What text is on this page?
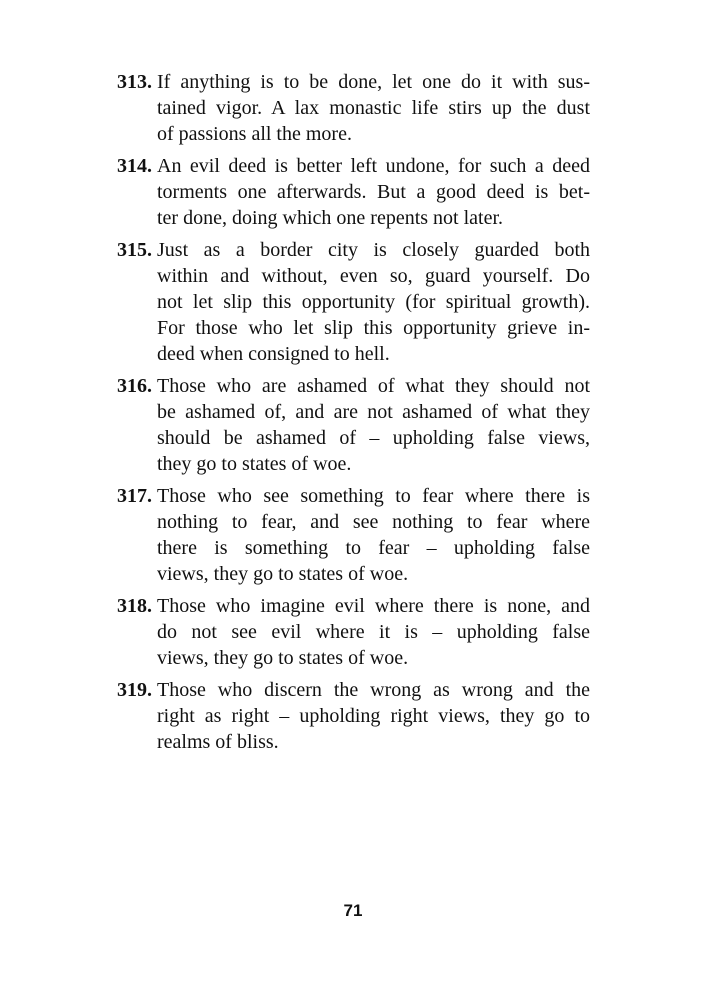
313. If anything is to be done, let one do it with sus-
tained vigor. A lax monastic life stirs up the dust
of passions all the more.
314. An evil deed is better left undone, for such a deed
torments one afterwards. But a good deed is bet-
ter done, doing which one repents not later.
315. Just as a border city is closely guarded both
within and without, even so, guard yourself. Do
not let slip this opportunity (for spiritual growth).
For those who let slip this opportunity grieve in-
deed when consigned to hell.
316. Those who are ashamed of what they should not
be ashamed of, and are not ashamed of what they
should be ashamed of – upholding false views,
they go to states of woe.
317. Those who see something to fear where there is
nothing to fear, and see nothing to fear where
there is something to fear – upholding false
views, they go to states of woe.
318. Those who imagine evil where there is none, and
do not see evil where it is – upholding false
views, they go to states of woe.
319. Those who discern the wrong as wrong and the
right as right – upholding right views, they go to
realms of bliss.
71
